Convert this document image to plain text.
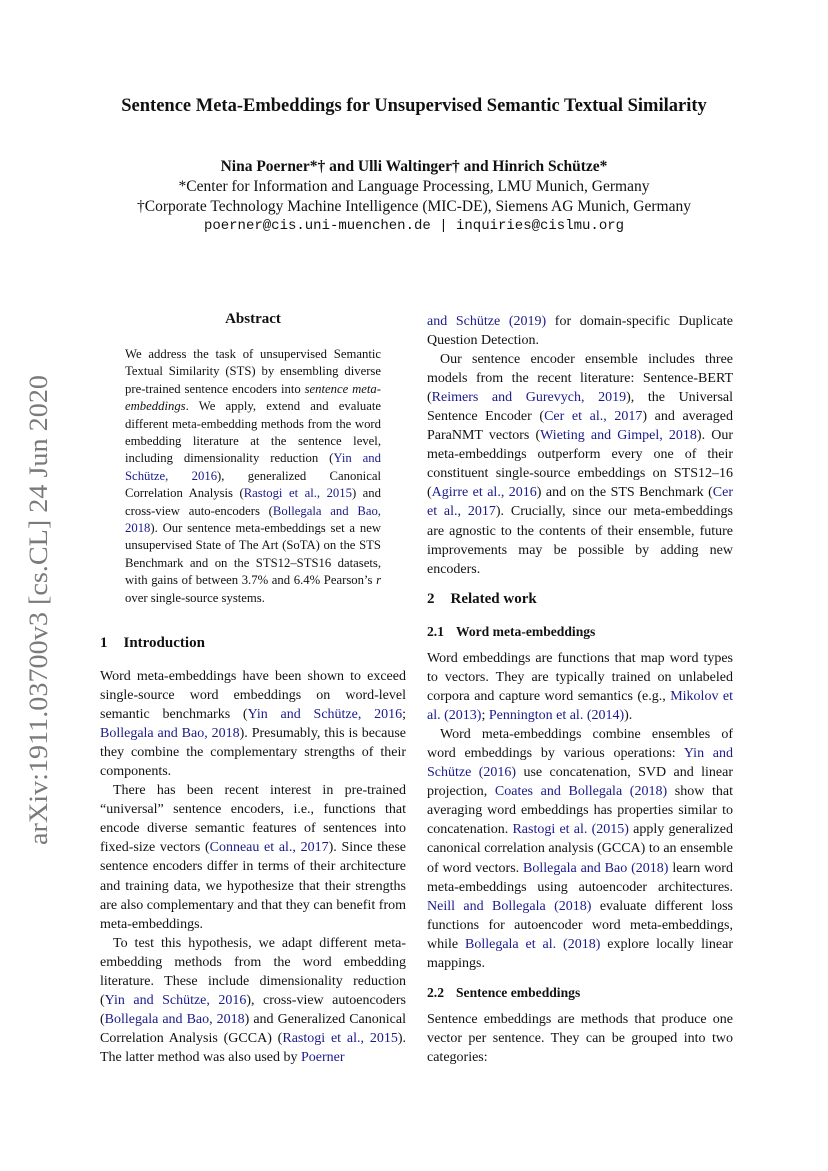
arXiv:1911.03700v3 [cs.CL] 24 Jun 2020
Sentence Meta-Embeddings for Unsupervised Semantic Textual Similarity
Nina Poerner*† and Ulli Waltinger† and Hinrich Schütze*
*Center for Information and Language Processing, LMU Munich, Germany
†Corporate Technology Machine Intelligence (MIC-DE), Siemens AG Munich, Germany
poerner@cis.uni-muenchen.de | inquiries@cislmu.org
Abstract
We address the task of unsupervised Semantic Textual Similarity (STS) by ensembling diverse pre-trained sentence encoders into sentence meta-embeddings. We apply, extend and evaluate different meta-embedding methods from the word embedding literature at the sentence level, including dimensionality reduction (Yin and Schütze, 2016), generalized Canonical Correlation Analysis (Rastogi et al., 2015) and cross-view auto-encoders (Bollegala and Bao, 2018). Our sentence meta-embeddings set a new unsupervised State of The Art (SoTA) on the STS Benchmark and on the STS12–STS16 datasets, with gains of between 3.7% and 6.4% Pearson’s r over single-source systems.
1 Introduction

Word meta-embeddings have been shown to exceed single-source word embeddings on word-level semantic benchmarks (Yin and Schütze, 2016; Bollegala and Bao, 2018). Presumably, this is because they combine the complementary strengths of their components.

There has been recent interest in pre-trained “universal” sentence encoders, i.e., functions that encode diverse semantic features of sentences into fixed-size vectors (Conneau et al., 2017). Since these sentence encoders differ in terms of their architecture and training data, we hypothesize that their strengths are also complementary and that they can benefit from meta-embeddings.

To test this hypothesis, we adapt different meta-embedding methods from the word embedding literature. These include dimensionality reduction (Yin and Schütze, 2016), cross-view autoencoders (Bollegala and Bao, 2018) and Generalized Canonical Correlation Analysis (GCCA) (Rastogi et al., 2015). The latter method was also used by Poerner

and Schütze (2019) for domain-specific Duplicate Question Detection.

Our sentence encoder ensemble includes three models from the recent literature: Sentence-BERT (Reimers and Gurevych, 2019), the Universal Sentence Encoder (Cer et al., 2017) and averaged ParaNMT vectors (Wieting and Gimpel, 2018). Our meta-embeddings outperform every one of their constituent single-source embeddings on STS12–16 (Agirre et al., 2016) and on the STS Benchmark (Cer et al., 2017). Crucially, since our meta-embeddings are agnostic to the contents of their ensemble, future improvements may be possible by adding new encoders.

2 Related work
2.1 Word meta-embeddings

Word embeddings are functions that map word types to vectors. They are typically trained on unlabeled corpora and capture word semantics (e.g., Mikolov et al. (2013); Pennington et al. (2014)).

Word meta-embeddings combine ensembles of word embeddings by various operations: Yin and Schütze (2016) use concatenation, SVD and linear projection, Coates and Bollegala (2018) show that averaging word embeddings has properties similar to concatenation. Rastogi et al. (2015) apply generalized canonical correlation analysis (GCCA) to an ensemble of word vectors. Bollegala and Bao (2018) learn word meta-embeddings using autoencoder architectures. Neill and Bollegala (2018) evaluate different loss functions for autoencoder word meta-embeddings, while Bollegala et al. (2018) explore locally linear mappings.

2.2 Sentence embeddings

Sentence embeddings are methods that produce one vector per sentence. They can be grouped into two categories:
